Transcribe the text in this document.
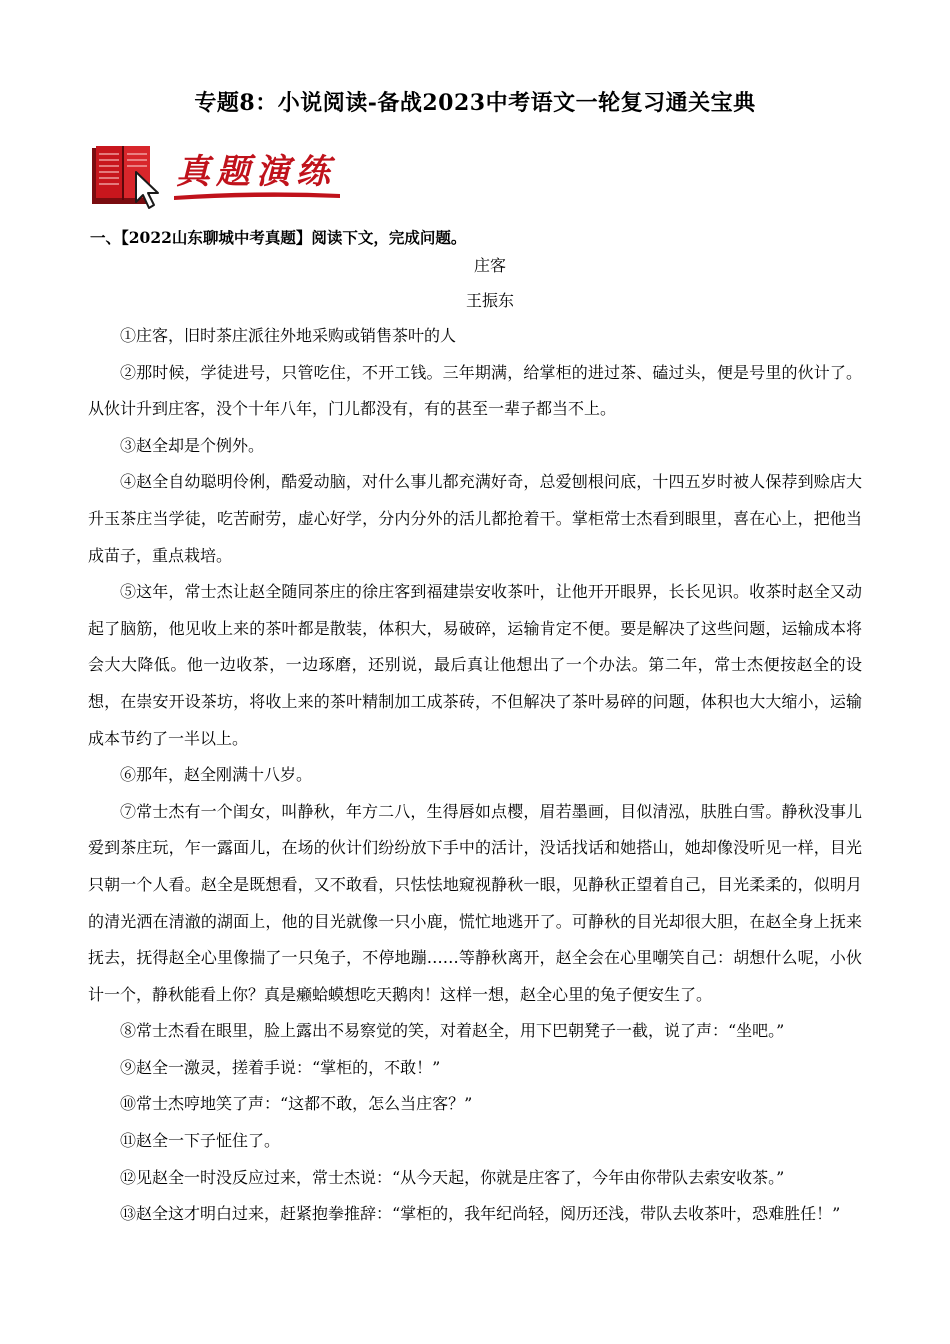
专题8：小说阅读-备战2023中考语文一轮复习通关宝典
真题演练
一、【2022山东聊城中考真题】阅读下文，完成问题。
庄客
王振东

①庄客，旧时茶庄派往外地采购或销售茶叶的人

②那时候，学徒进号，只管吃住，不开工钱。三年期满，给掌柜的进过茶、磕过头，便是号里的伙计了。从伙计升到庄客，没个十年八年，门儿都没有，有的甚至一辈子都当不上。

③赵全却是个例外。

④赵全自幼聪明伶俐，酷爱动脑，对什么事儿都充满好奇，总爱刨根问底，十四五岁时被人保荐到赊店大升玉茶庄当学徒，吃苦耐劳，虚心好学，分内分外的活儿都抢着干。掌柜常士杰看到眼里，喜在心上，把他当成苗子，重点栽培。

⑤这年，常士杰让赵全随同茶庄的徐庄客到福建崇安收茶叶，让他开开眼界，长长见识。收茶时赵全又动起了脑筋，他见收上来的茶叶都是散装，体积大，易破碎，运输肯定不便。要是解决了这些问题，运输成本将会大大降低。他一边收茶，一边琢磨，还别说，最后真让他想出了一个办法。第二年，常士杰便按赵全的设想，在崇安开设茶坊，将收上来的茶叶精制加工成茶砖，不但解决了茶叶易碎的问题，体积也大大缩小，运输成本节约了一半以上。

⑥那年，赵全刚满十八岁。

⑦常士杰有一个闺女，叫静秋，年方二八，生得唇如点樱，眉若墨画，目似清泓，肤胜白雪。静秋没事儿爱到茶庄玩，乍一露面儿，在场的伙计们纷纷放下手中的活计，没话找话和她搭山，她却像没听见一样，目光只朝一个人看。赵全是既想看，又不敢看，只怯怯地窥视静秋一眼，见静秋正望着自己，目光柔柔的，似明月的清光洒在清澈的湖面上，他的目光就像一只小鹿，慌忙地逃开了。可静秋的目光却很大胆，在赵全身上抚来抚去，抚得赵全心里像揣了一只兔子，不停地蹦……等静秋离开，赵全会在心里嘲笑自己：胡想什么呢，小伙计一个，静秋能看上你？真是癞蛤蟆想吃天鹅肉！这样一想，赵全心里的兔子便安生了。

⑧常士杰看在眼里，脸上露出不易察觉的笑，对着赵全，用下巴朝凳子一截，说了声：“坐吧。”

⑨赵全一激灵，搓着手说：“掌柜的，不敢！”

⑩常士杰哼地笑了声：“这都不敢，怎么当庄客？”

⑪赵全一下子怔住了。

⑫见赵全一时没反应过来，常士杰说：“从今天起，你就是庄客了，今年由你带队去索安收茶。”

⑬赵全这才明白过来，赶紧抱拳推辞：“掌柜的，我年纪尚轻，阅历还浅，带队去收茶叶，恐难胜任！”
